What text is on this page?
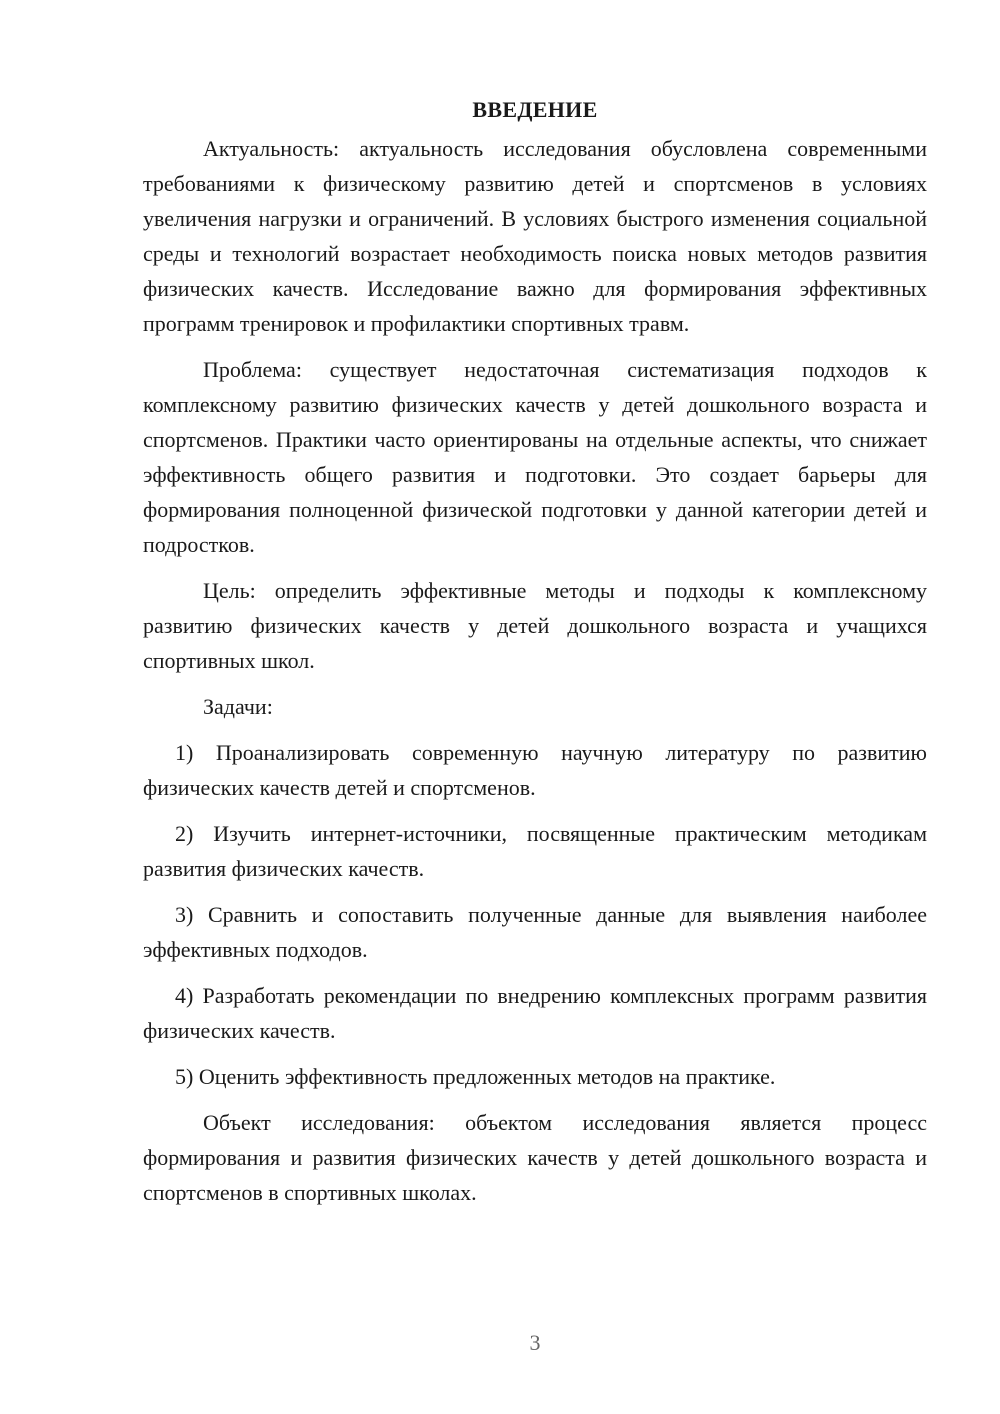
ВВЕДЕНИЕ

Актуальность: актуальность исследования обусловлена современными требованиями к физическому развитию детей и спортсменов в условиях увеличения нагрузки и ограничений. В условиях быстрого изменения социальной среды и технологий возрастает необходимость поиска новых методов развития физических качеств. Исследование важно для формирования эффективных программ тренировок и профилактики спортивных травм.

Проблема: существует недостаточная систематизация подходов к комплексному развитию физических качеств у детей дошкольного возраста и спортсменов. Практики часто ориентированы на отдельные аспекты, что снижает эффективность общего развития и подготовки. Это создает барьеры для формирования полноценной физической подготовки у данной категории детей и подростков.

Цель: определить эффективные методы и подходы к комплексному развитию физических качеств у детей дошкольного возраста и учащихся спортивных школ.

Задачи:

1) Проанализировать современную научную литературу по развитию физических качеств детей и спортсменов.

2) Изучить интернет-источники, посвященные практическим методикам развития физических качеств.

3) Сравнить и сопоставить полученные данные для выявления наиболее эффективных подходов.

4) Разработать рекомендации по внедрению комплексных программ развития физических качеств.

5) Оценить эффективность предложенных методов на практике.

Объект исследования: объектом исследования является процесс формирования и развития физических качеств у детей дошкольного возраста и спортсменов в спортивных школах.

3
